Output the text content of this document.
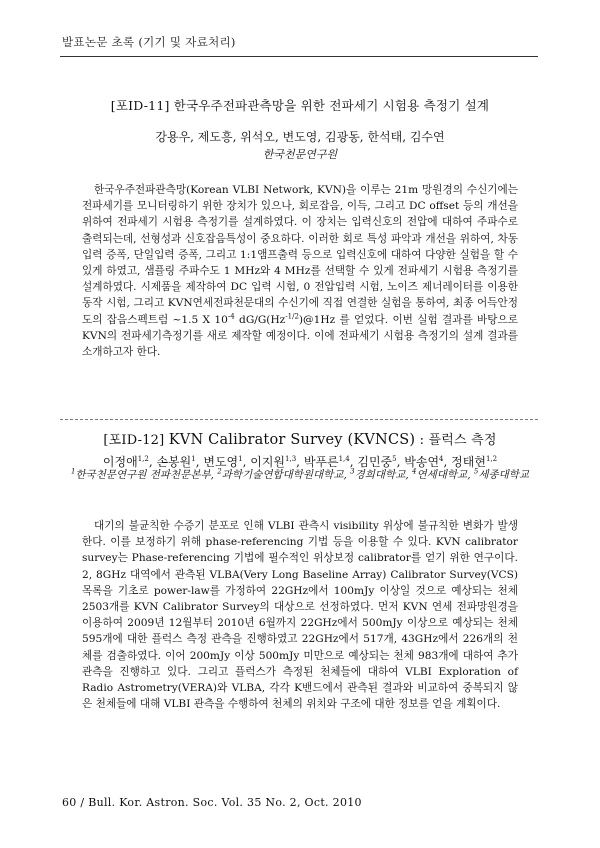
발표논문 초록 (기기 및 자료처리)
[포ID-11] 한국우주전파관측망을 위한 전파세기 시험용 측정기 설계
강용우, 제도흥, 위석오, 변도영, 김광동, 한석태, 김수연
한국천문연구원

한국우주전파관측망(Korean VLBI Network, KVN)을 이루는 21m 망원경의 수신기에는 전파세기를 모니터링하기 위한 장치가 있으나, 회로잡음, 이득, 그리고 DC offset 등의 개선을 위하여 전파세기 시험용 측정기를 설계하였다. 이 장치는 입력신호의 전압에 대하여 주파수로 출력되는데, 선형성과 신호잡음특성이 중요하다. 이러한 회로 특성 파악과 개선을 위하여, 차동입력 증폭, 단일입력 증폭, 그리고 1:1앰프출력 등으로 입력신호에 대하여 다양한 실험을 할 수 있게 하였고, 샘플링 주파수도 1 MHz와 4 MHz를 선택할 수 있게 전파세기 시험용 측정기를 설계하였다. 시제품을 제작하여 DC 입력 시험, 0 전압입력 시험, 노이즈 제너레이터를 이용한 동작 시험, 그리고 KVN연세전파천문대의 수신기에 직접 연결한 실험을 통하여, 최종 어득안정도의 잡음스펙트럼 ~1.5 X $10^{-4}$ $dG/G(Hz^{-1/2})@1Hz$ 를 얻었다. 이번 실험 결과를 바탕으로 KVN의 전파세기측정기를 새로 제작할 예정이다. 이에 전파세기 시험용 측정기의 설계 결과를 소개하고자 한다.

[포ID-12] KVN Calibrator Survey (KVNCS) : 플럭스 측정
이정애$^{1,2}$, 손봉원$^1$, 변도영$^1$, 이지원$^{1,3}$, 박푸른$^{1,4}$, 김민중$^5$, 박송연$^4$, 정태현$^{1,2}$
$^1$한국천문연구원 전파천문본부, $^2$과학기술연합대학원대학교, $^3$경희대학교, $^4$연세대학교, $^5$세종대학교

대기의 불균칙한 수증기 분포로 인해 VLBI 관측시 visibility 위상에 불규칙한 변화가 발생한다. 이를 보정하기 위해 phase-referencing 기법 등을 이용할 수 있다. KVN calibrator survey는 Phase-referencing 기법에 필수적인 위상보정 calibrator를 얻기 위한 연구이다. 2, 8GHz 대역에서 관측된 VLBA(Very Long Baseline Array) Calibrator Survey(VCS) 목록을 기초로 power-law를 가정하여 22GHz에서 100mJy 이상일 것으로 예상되는 천체 2503개를 KVN Calibrator Survey의 대상으로 선정하였다. 먼저 KVN 연세 전파망원경을 이용하여 2009년 12월부터 2010년 6월까지 22GHz에서 500mJy 이상으로 예상되는 천체 595개에 대한 플럭스 측정 관측을 진행하였고 22GHz에서 517개, 43GHz에서 226개의 천체를 검출하였다. 이어 200mJy 이상 500mJy 미만으로 예상되는 천체 983개에 대하여 추가 관측을 진행하고 있다. 그리고 플럭스가 측정된 천체들에 대하여 VLBI Exploration of Radio Astrometry(VERA)와 VLBA, 각각 K밴드에서 관측된 결과와 비교하여 중복되지 않은 천체들에 대해 VLBI 관측을 수행하여 천체의 위치와 구조에 대한 정보를 얻을 계획이다.

60 / Bull. Kor. Astron. Soc. Vol. 35 No. 2, Oct. 2010
